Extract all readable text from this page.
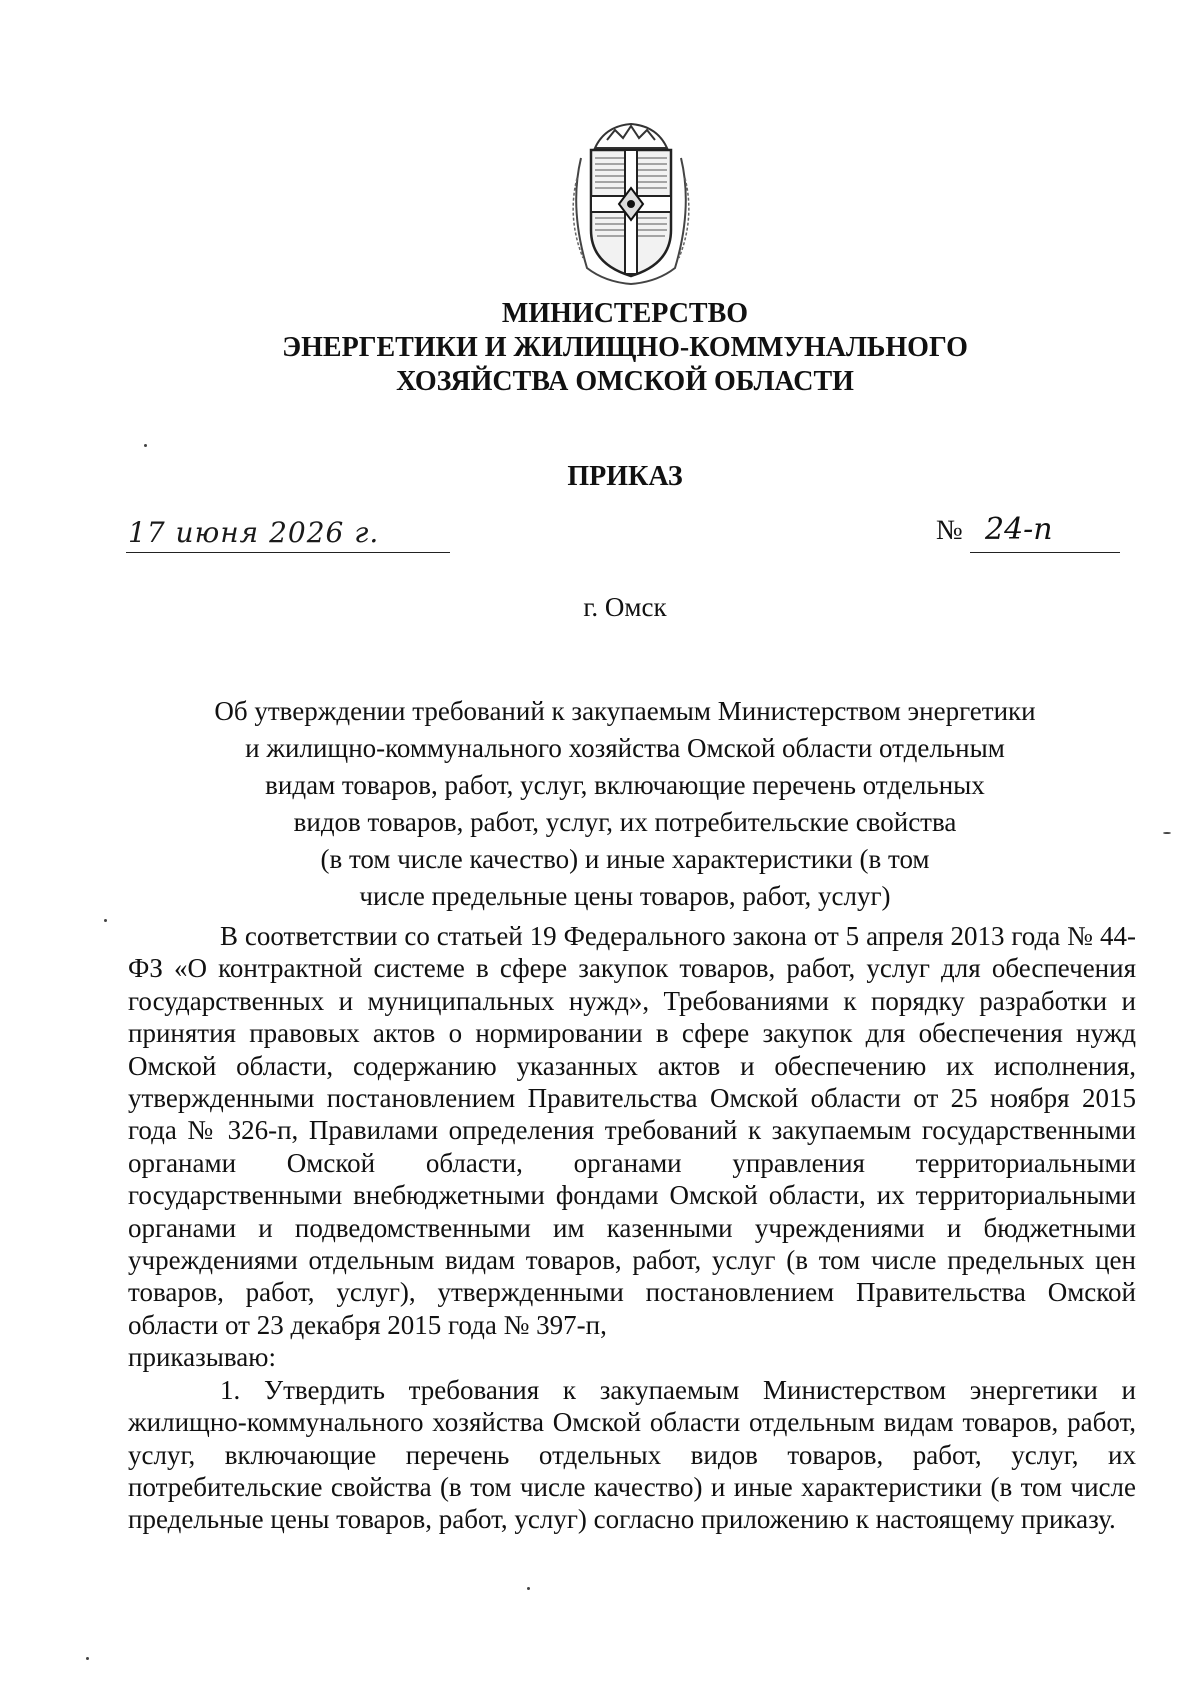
МИНИСТЕРСТВО
ЭНЕРГЕТИКИ И ЖИЛИЩНО-КОММУНАЛЬНОГО
ХОЗЯЙСТВА ОМСКОЙ ОБЛАСТИ
ПРИКАЗ
17 июня 2026 г.	№ 24-п
г. Омск
Об утверждении требований к закупаемым Министерством энергетики
и жилищно-коммунального хозяйства Омской области отдельным
видам товаров, работ, услуг, включающие перечень отдельных
видов товаров, работ, услуг, их потребительские свойства
(в том числе качество) и иные характеристики (в том
числе предельные цены товаров, работ, услуг)

В соответствии со статьей 19 Федерального закона от 5 апреля 2013 года № 44-ФЗ «О контрактной системе в сфере закупок товаров, работ, услуг для обеспечения государственных и муниципальных нужд», Требованиями к порядку разработки и принятия правовых актов о нормировании в сфере закупок для обеспечения нужд Омской области, содержанию указанных актов и обеспечению их исполнения, утвержденными постановлением Правительства Омской области от 25 ноября 2015 года № 326-п, Правилами определения требований к закупаемым государственными органами Омской области, органами управления территориальными государственными внебюджетными фондами Омской области, их территориальными органами и подведомственными им казенными учреждениями и бюджетными учреждениями отдельным видам товаров, работ, услуг (в том числе предельных цен товаров, работ, услуг), утвержденными постановлением Правительства Омской области от 23 декабря 2015 года № 397-п,

приказываю:

1. Утвердить требования к закупаемым Министерством энергетики и жилищно-коммунального хозяйства Омской области отдельным видам товаров, работ, услуг, включающие перечень отдельных видов товаров, работ, услуг, их потребительские свойства (в том числе качество) и иные характеристики (в том числе предельные цены товаров, работ, услуг) согласно приложению к настоящему приказу.
